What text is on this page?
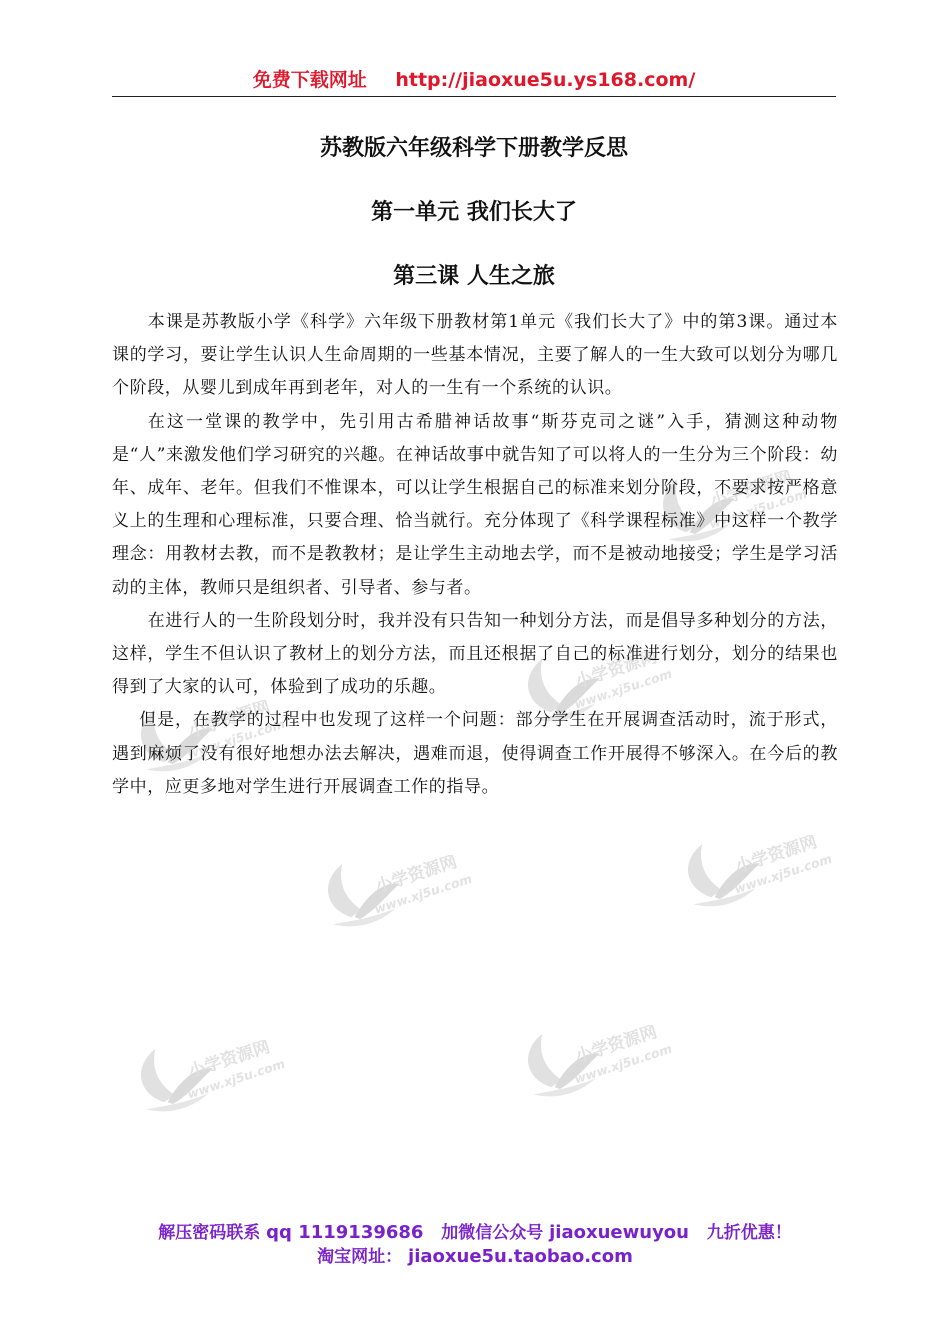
免费下载网址 http://jiaoxue5u.ys168.com/
苏教版六年级科学下册教学反思
第一单元 我们长大了
第三课 人生之旅

本课是苏教版小学《科学》六年级下册教材第1单元《我们长大了》中的第3课。通过本课的学习，要让学生认识人生命周期的一些基本情况，主要了解人的一生大致可以划分为哪几个阶段，从婴儿到成年再到老年，对人的一生有一个系统的认识。

在这一堂课的教学中，先引用古希腊神话故事“斯芬克司之谜”入手，猜测这种动物是“人”来激发他们学习研究的兴趣。在神话故事中就告知了可以将人的一生分为三个阶段：幼年、成年、老年。但我们不惟课本，可以让学生根据自己的标准来划分阶段，不要求按严格意义上的生理和心理标准，只要合理、恰当就行。充分体现了《科学课程标准》中这样一个教学理念：用教材去教，而不是教教材；是让学生主动地去学，而不是被动地接受；学生是学习活动的主体，教师只是组织者、引导者、参与者。

在进行人的一生阶段划分时，我并没有只告知一种划分方法，而是倡导多种划分的方法，这样，学生不但认识了教材上的划分方法，而且还根据了自己的标准进行划分，划分的结果也得到了大家的认可，体验到了成功的乐趣。

但是，在教学的过程中也发现了这样一个问题：部分学生在开展调查活动时，流于形式，遇到麻烦了没有很好地想办法去解决，遇难而退，使得调查工作开展得不够深入。在今后的教学中，应更多地对学生进行开展调查工作的指导。

解压密码联系 qq 1119139686 加微信公众号 jiaoxuewuyou 九折优惠！
淘宝网址： jiaoxue5u.taobao.com
